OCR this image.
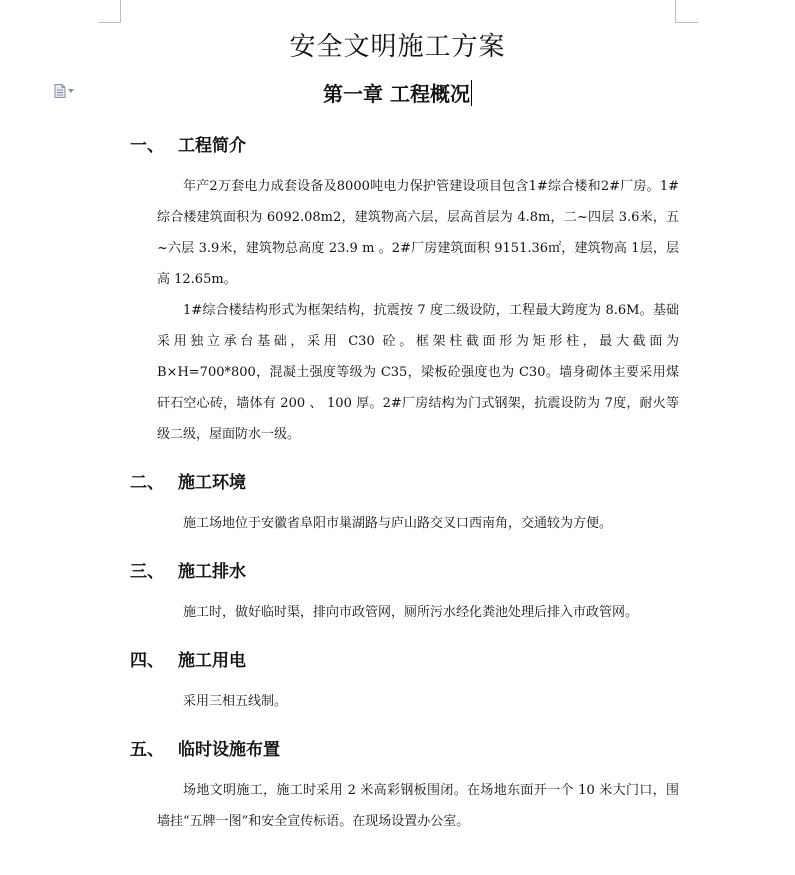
安全文明施工方案
第一章 工程概况
一、 工程简介
年产2万套电力成套设备及8000吨电力保护管建设项目包含1#综合楼和2#厂房。1#综合楼建筑面积为 6092.08m2，建筑物高六层，层高首层为 4.8m，二~四层 3.6米，五~六层 3.9米，建筑物总高度 23.9 m 。2#厂房建筑面积 9151.36㎡，建筑物高 1层，层高 12.65m。
1#综合楼结构形式为框架结构，抗震按 7 度二级设防，工程最大跨度为 8.6M。基础采用独立承台基础，采用 C30 砼。框架柱截面形为矩形柱，最大截面为B×H=700*800，混凝土强度等级为 C35，梁板砼强度也为 C30。墙身砌体主要采用煤矸石空心砖，墙体有 200 、 100 厚。2#厂房结构为门式钢架，抗震设防为 7度，耐火等级二级，屋面防水一级。
二、 施工环境
施工场地位于安徽省阜阳市巢湖路与庐山路交叉口西南角，交通较为方便。
三、 施工排水
施工时，做好临时渠，排向市政管网，厕所污水经化粪池处理后排入市政管网。
四、 施工用电
采用三相五线制。
五、 临时设施布置
场地文明施工，施工时采用 2 米高彩钢板围闭。在场地东面开一个 10 米大门口，围墙挂“五牌一图”和安全宣传标语。在现场设置办公室。
